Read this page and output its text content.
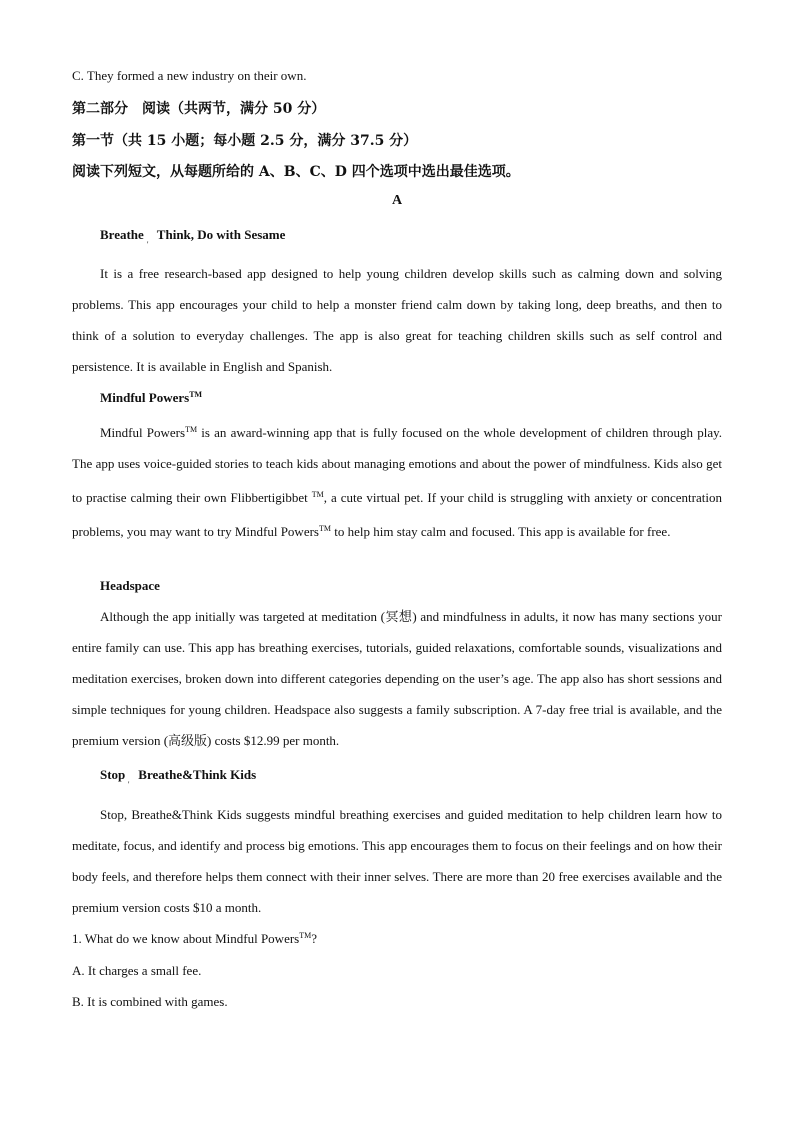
C. They formed a new industry on their own.
第二部分　阅读（共两节，满分 50 分）
第一节（共 15 小题；每小题 2.5 分，满分 37.5 分）
阅读下列短文，从每题所给的 A、B、C、D 四个选项中选出最佳选项。
A
Breathe　Think, Do with Sesame
'
It is a free research-based app designed to help young children develop skills such as calming down and solving problems. This app encourages your child to help a monster friend calm down by taking long, deep breaths, and then to think of a solution to everyday challenges. The app is also great for teaching children skills such as self control and persistence. It is available in English and Spanish.
Mindful Powers™
Mindful Powers™ is an award-winning app that is fully focused on the whole development of children through play. The app uses voice-guided stories to teach kids about managing emotions and about the power of mindfulness. Kids also get to practise calming their own Flibbertigibbet ™, a cute virtual pet. If your child is struggling with anxiety or concentration problems, you may want to try Mindful Powers™ to help him stay calm and focused. This app is available for free.
Headspace
Although the app initially was targeted at meditation (冥想) and mindfulness in adults, it now has many sections your entire family can use. This app has breathing exercises, tutorials, guided relaxations, comfortable sounds, visualizations and meditation exercises, broken down into different categories depending on the user’s age. The app also has short sessions and simple techniques for young children. Headspace also suggests a family subscription. A 7-day free trial is available, and the premium version (高级版) costs $12.99 per month.
Stop　Breathe&Think Kids
'
Stop, Breathe&Think Kids suggests mindful breathing exercises and guided meditation to help children learn how to meditate, focus, and identify and process big emotions. This app encourages them to focus on their feelings and on how their body feels, and therefore helps them connect with their inner selves. There are more than 20 free exercises available and the premium version costs $10 a month.
1. What do we know about Mindful Powers™?
A. It charges a small fee.
B. It is combined with games.
